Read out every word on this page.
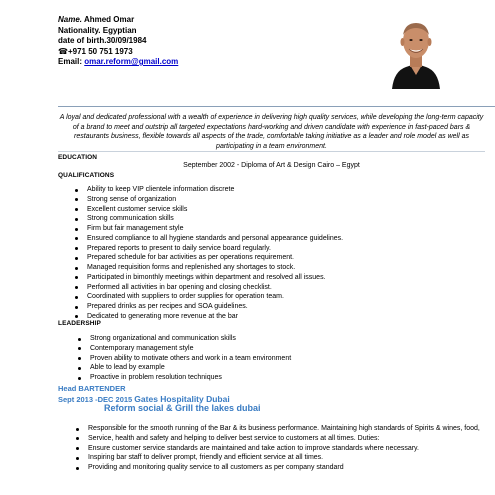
Name. Ahmed Omar
Nationality. Egyptian
date of birth.30/09/1984
☎+971 50 751 1973
Email: omar.reform@gmail.com
A loyal and dedicated professional with a wealth of experience in delivering high quality services, while developing the long-term capacity of a brand to meet and outstrip all targeted expectations hard-working and driven candidate with experience in fast-paced bars & restaurants business, flexible towards all aspects of the trade, comfortable taking initiative as a leader and role model as well as participating in a team environment.
EDUCATION
September 2002 - Diploma of Art & Design Cairo – Egypt
QUALIFICATIONS
Ability to keep VIP clientele information discrete
Strong sense of organization
Excellent customer service skills
Strong communication skills
Firm but fair management style
Ensured compliance to all hygiene standards and personal appearance guidelines.
Prepared reports to present to daily service board regularly.
Prepared schedule for bar activities as per operations requirement.
Managed requisition forms and replenished any shortages to stock.
Participated in bimonthly meetings within department and resolved all issues.
Performed all activities in bar opening and closing checklist.
Coordinated with suppliers to order supplies for operation team.
Prepared drinks as per recipes and SOA guidelines.
Dedicated to generating more revenue at the bar
LEADERSHIP
Strong organizational and communication skills
Contemporary management style
Proven ability to motivate others and work in a team environment
Able to lead by example
Proactive in problem resolution techniques
Head BARTENDER
Sept 2013 -DEC 2015 Gates Hospitality Dubai
Reform social & Grill the lakes dubai
Responsible for the smooth running of the Bar & its business performance. Maintaining high standards of Spirits & wines, food,
Service, health and safety and helping to deliver best service to customers at all times. Duties:
Ensure customer service standards are maintained and take action to improve standards where necessary.
Inspiring bar staff to deliver prompt, friendly and efficient service at all times.
Providing and monitoring quality service to all customers as per company standard
